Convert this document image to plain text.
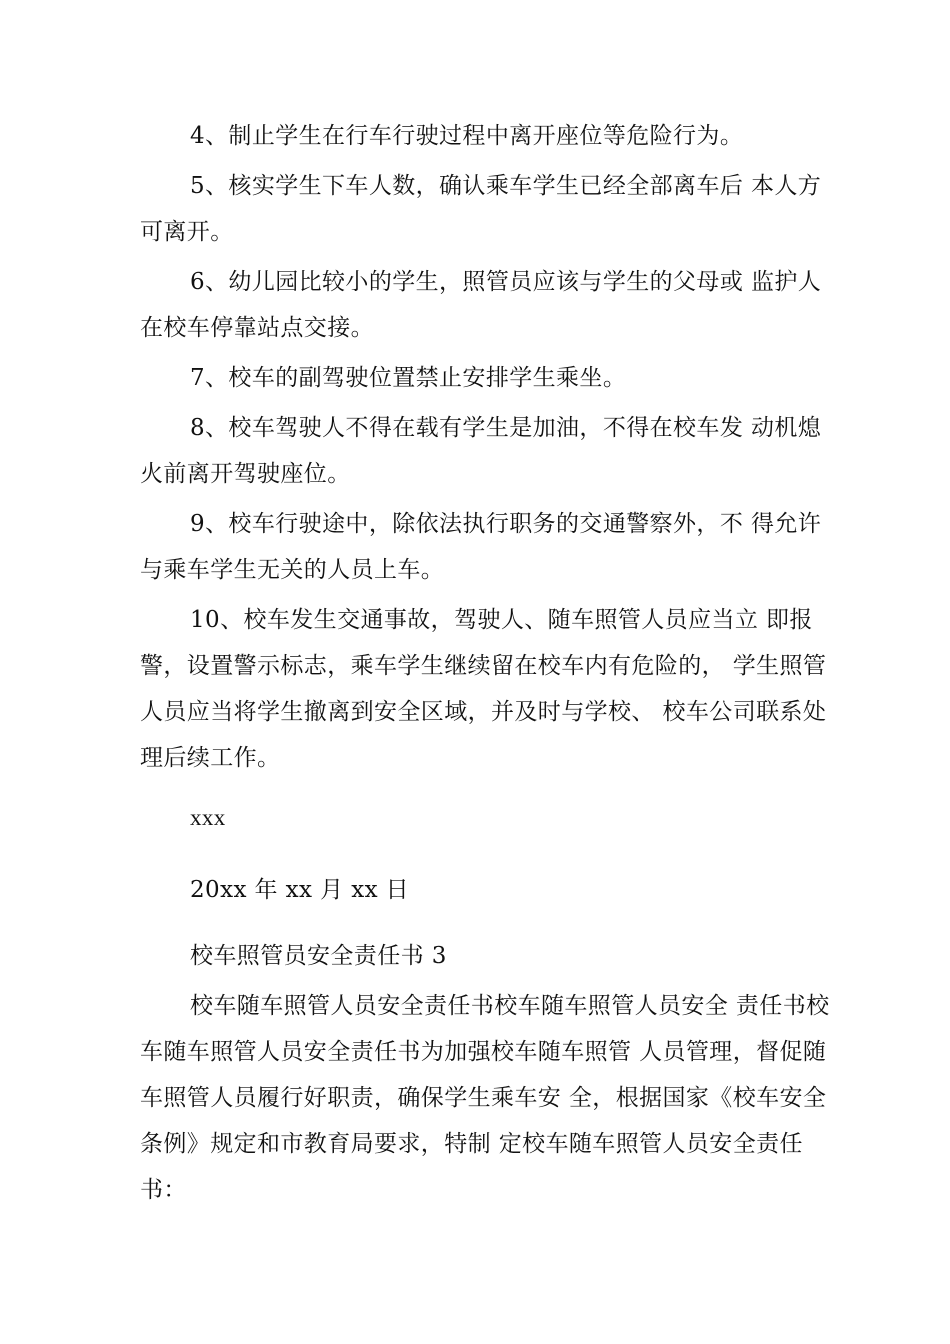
4、制止学生在行车行驶过程中离开座位等危险行为。

5、核实学生下车人数，确认乘车学生已经全部离车后 本人方可离开。

6、幼儿园比较小的学生，照管员应该与学生的父母或 监护人在校车停靠站点交接。

7、校车的副驾驶位置禁止安排学生乘坐。

8、校车驾驶人不得在载有学生是加油，不得在校车发 动机熄火前离开驾驶座位。

9、校车行驶途中，除依法执行职务的交通警察外，不 得允许与乘车学生无关的人员上车。

10、校车发生交通事故，驾驶人、随车照管人员应当立 即报警，设置警示标志，乘车学生继续留在校车内有危险的， 学生照管人员应当将学生撤离到安全区域，并及时与学校、 校车公司联系处理后续工作。

xxx

20xx 年 xx 月 xx 日

校车照管员安全责任书 3

校车随车照管人员安全责任书校车随车照管人员安全 责任书校车随车照管人员安全责任书为加强校车随车照管 人员管理，督促随车照管人员履行好职责，确保学生乘车安 全，根据国家《校车安全条例》规定和市教育局要求，特制 定校车随车照管人员安全责任书：
